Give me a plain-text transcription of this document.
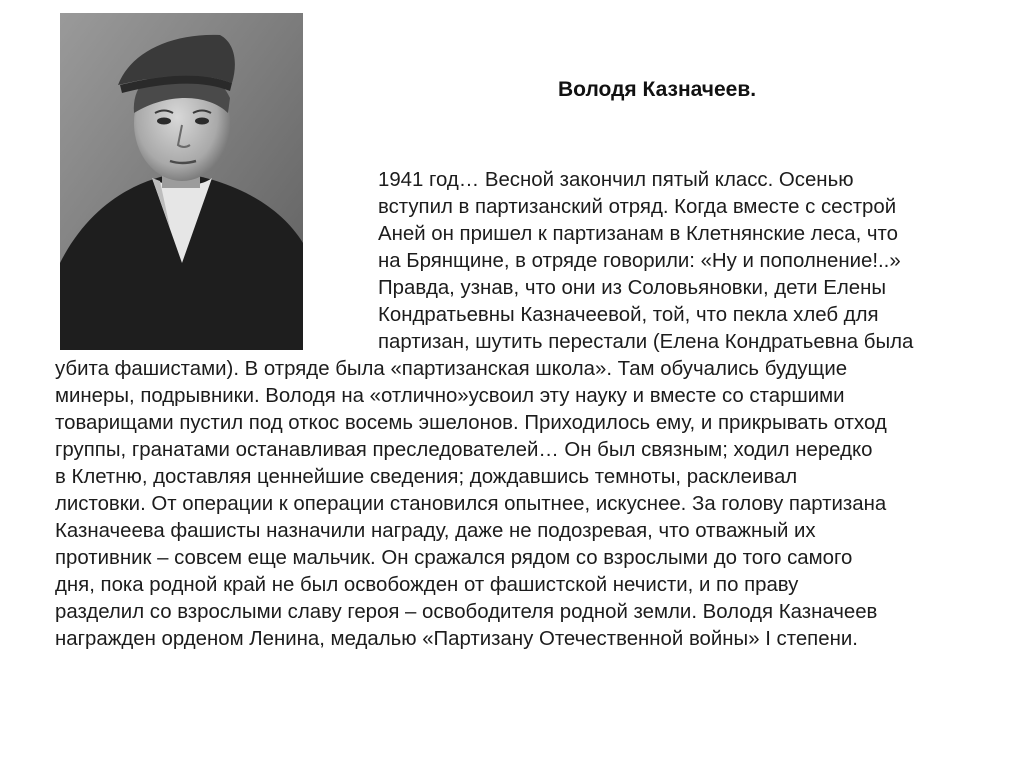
Володя Казначеев.
1941 год… Весной закончил пятый класс. Осенью
вступил в партизанский отряд. Когда вместе с сестрой
Аней он пришел к партизанам в Клетнянские леса, что
на Брянщине, в отряде говорили: «Ну и пополнение!..»
Правда, узнав, что они из Соловьяновки, дети Елены
Кондратьевны Казначеевой, той, что пекла хлеб для
партизан, шутить перестали (Елена Кондратьевна была
убита фашистами). В отряде была «партизанская школа». Там обучались будущие
минеры, подрывники. Володя на «отлично»усвоил эту науку и вместе со старшими
товарищами пустил под откос восемь эшелонов. Приходилось ему, и прикрывать отход
группы, гранатами останавливая преследователей… Он был связным; ходил нередко
в Клетню, доставляя ценнейшие сведения; дождавшись темноты, расклеивал
листовки. От операции к операции становился опытнее, искуснее. За голову партизана
Казначеева фашисты назначили награду, даже не подозревая, что отважный их
противник – совсем еще мальчик. Он сражался рядом со взрослыми до того самого
дня, пока родной край не был освобожден от фашистской нечисти, и по праву
разделил со взрослыми славу героя – освободителя родной земли. Володя Казначеев
награжден орденом Ленина, медалью «Партизану Отечественной войны» I степени.
